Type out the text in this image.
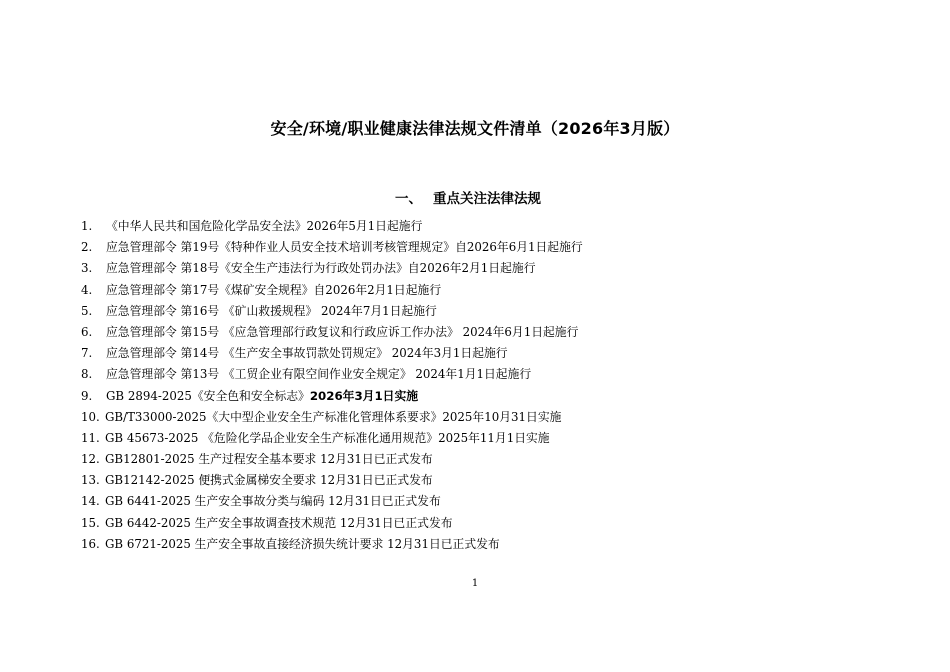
安全/环境/职业健康法律法规文件清单（2026年3月版）
一、 重点关注法律法规
1. 《中华人民共和国危险化学品安全法》2026年5月1日起施行
2. 应急管理部令 第19号《特种作业人员安全技术培训考核管理规定》自2026年6月1日起施行
3. 应急管理部令 第18号《安全生产违法行为行政处罚办法》自2026年2月1日起施行
4. 应急管理部令 第17号《煤矿安全规程》自2026年2月1日起施行
5. 应急管理部令 第16号 《矿山救援规程》 2024年7月1日起施行
6. 应急管理部令 第15号 《应急管理部行政复议和行政应诉工作办法》 2024年6月1日起施行
7. 应急管理部令 第14号 《生产安全事故罚款处罚规定》 2024年3月1日起施行
8. 应急管理部令 第13号 《工贸企业有限空间作业安全规定》 2024年1月1日起施行
9. GB 2894-2025《安全色和安全标志》2026年3月1日实施
10. GB/T33000-2025《大中型企业安全生产标准化管理体系要求》2025年10月31日实施
11. GB 45673-2025 《危险化学品企业安全生产标准化通用规范》2025年11月1日实施
12. GB12801-2025 生产过程安全基本要求 12月31日已正式发布
13. GB12142-2025 便携式金属梯安全要求 12月31日已正式发布
14. GB 6441-2025 生产安全事故分类与编码 12月31日已正式发布
15. GB 6442-2025 生产安全事故调查技术规范 12月31日已正式发布
16. GB 6721-2025 生产安全事故直接经济损失统计要求 12月31日已正式发布
1
